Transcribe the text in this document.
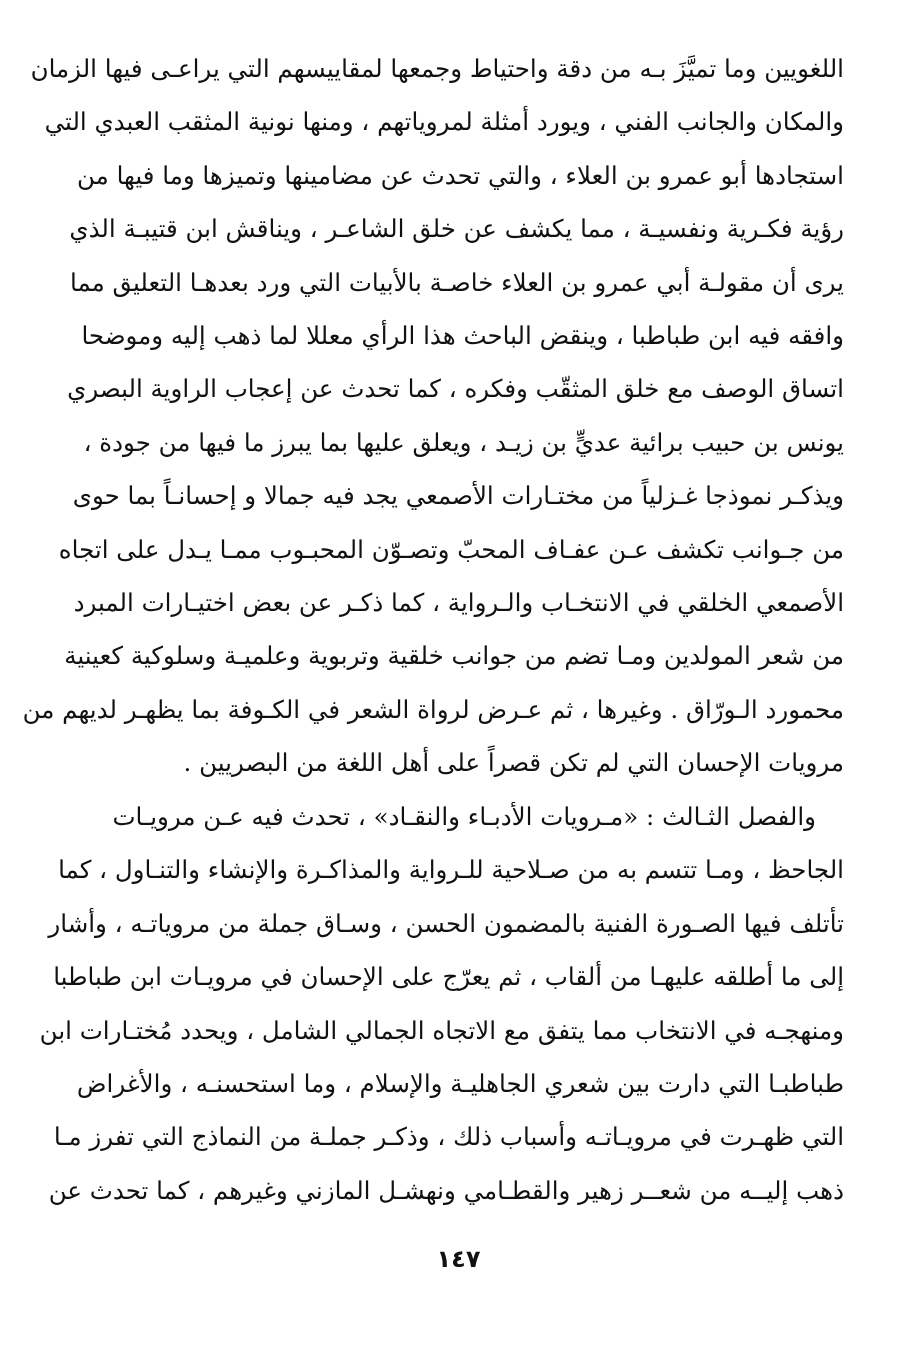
اللغويين وما تميَّزَ بـه من دقة واحتياط وجمعها لمقاييسهم التي يراعـى فيها الزمان
والمكان والجانب الفني ، ويورد أمثلة لمروياتهم ، ومنها نونية المثقب العبدي التي
استجادها أبو عمرو بن العلاء ، والتي تحدث عن مضامينها وتميزها وما فيها من
رؤية فكـرية ونفسيـة ، مما يكشف عن خلق الشاعـر ، ويناقش ابن قتيبـة الذي
يرى أن مقولـة أبي عمرو بن العلاء خاصـة بالأبيات التي ورد بعدهـا التعليق مما
وافقه فيه ابن طباطبا ، وينقض الباحث هذا الرأي معللا لما ذهب إليه وموضحا
اتساق الوصف مع خلق المثقّب وفكره ، كما تحدث عن إعجاب الراوية البصري
يونس بن حبيب برائية عديٍّ بن زيـد ، ويعلق عليها بما يبرز ما فيها من جودة ،
ويذكـر نموذجا غـزلياً من مختـارات الأصمعي يجد فيه جمالا و إحسانـاً بما حوى
من جـوانب تكشف عـن عفـاف المحبّ وتصـوّن المحبـوب ممـا يـدل على اتجاه
الأصمعي الخلقي في الانتخـاب والـرواية ، كما ذكـر عن بعض اختيـارات المبرد
من شعر المولدين ومـا تضم من جوانب خلقية وتربوية وعلميـة وسلوكية كعينية
محمورد الـورّاق . وغيرها ، ثم عـرض لرواة الشعر في الكـوفة بما يظهـر لديهم من
مرويات الإحسان التي لم تكن قصراً على أهل اللغة من البصريين .
والفصل الثـالث : «مـرويات الأدبـاء والنقـاد» ، تحدث فيه عـن مرويـات
الجاحظ ، ومـا تتسم به من صـلاحية للـرواية والمذاكـرة والإنشاء والتنـاول ، كما
تأتلف فيها الصـورة الفنية بالمضمون الحسن ، وسـاق جملة من مروياتـه ، وأشار
إلى ما أطلقه عليهـا من ألقاب ، ثم يعرّج على الإحسان في مرويـات ابن طباطبا
ومنهجـه في الانتخاب مما يتفق مع الاتجاه الجمالي الشامل ، ويحدد مُختـارات ابن
طباطبـا التي دارت بين شعري الجاهليـة والإسلام ، وما استحسنـه ، والأغراض
التي ظهـرت في مرويـاتـه وأسباب ذلك ، وذكـر جملـة من النماذج التي تفرز مـا
ذهب إليــه من شعــر زهير والقطـامي ونهشـل المازني وغيرهم ، كما تحدث عن
١٤٧
